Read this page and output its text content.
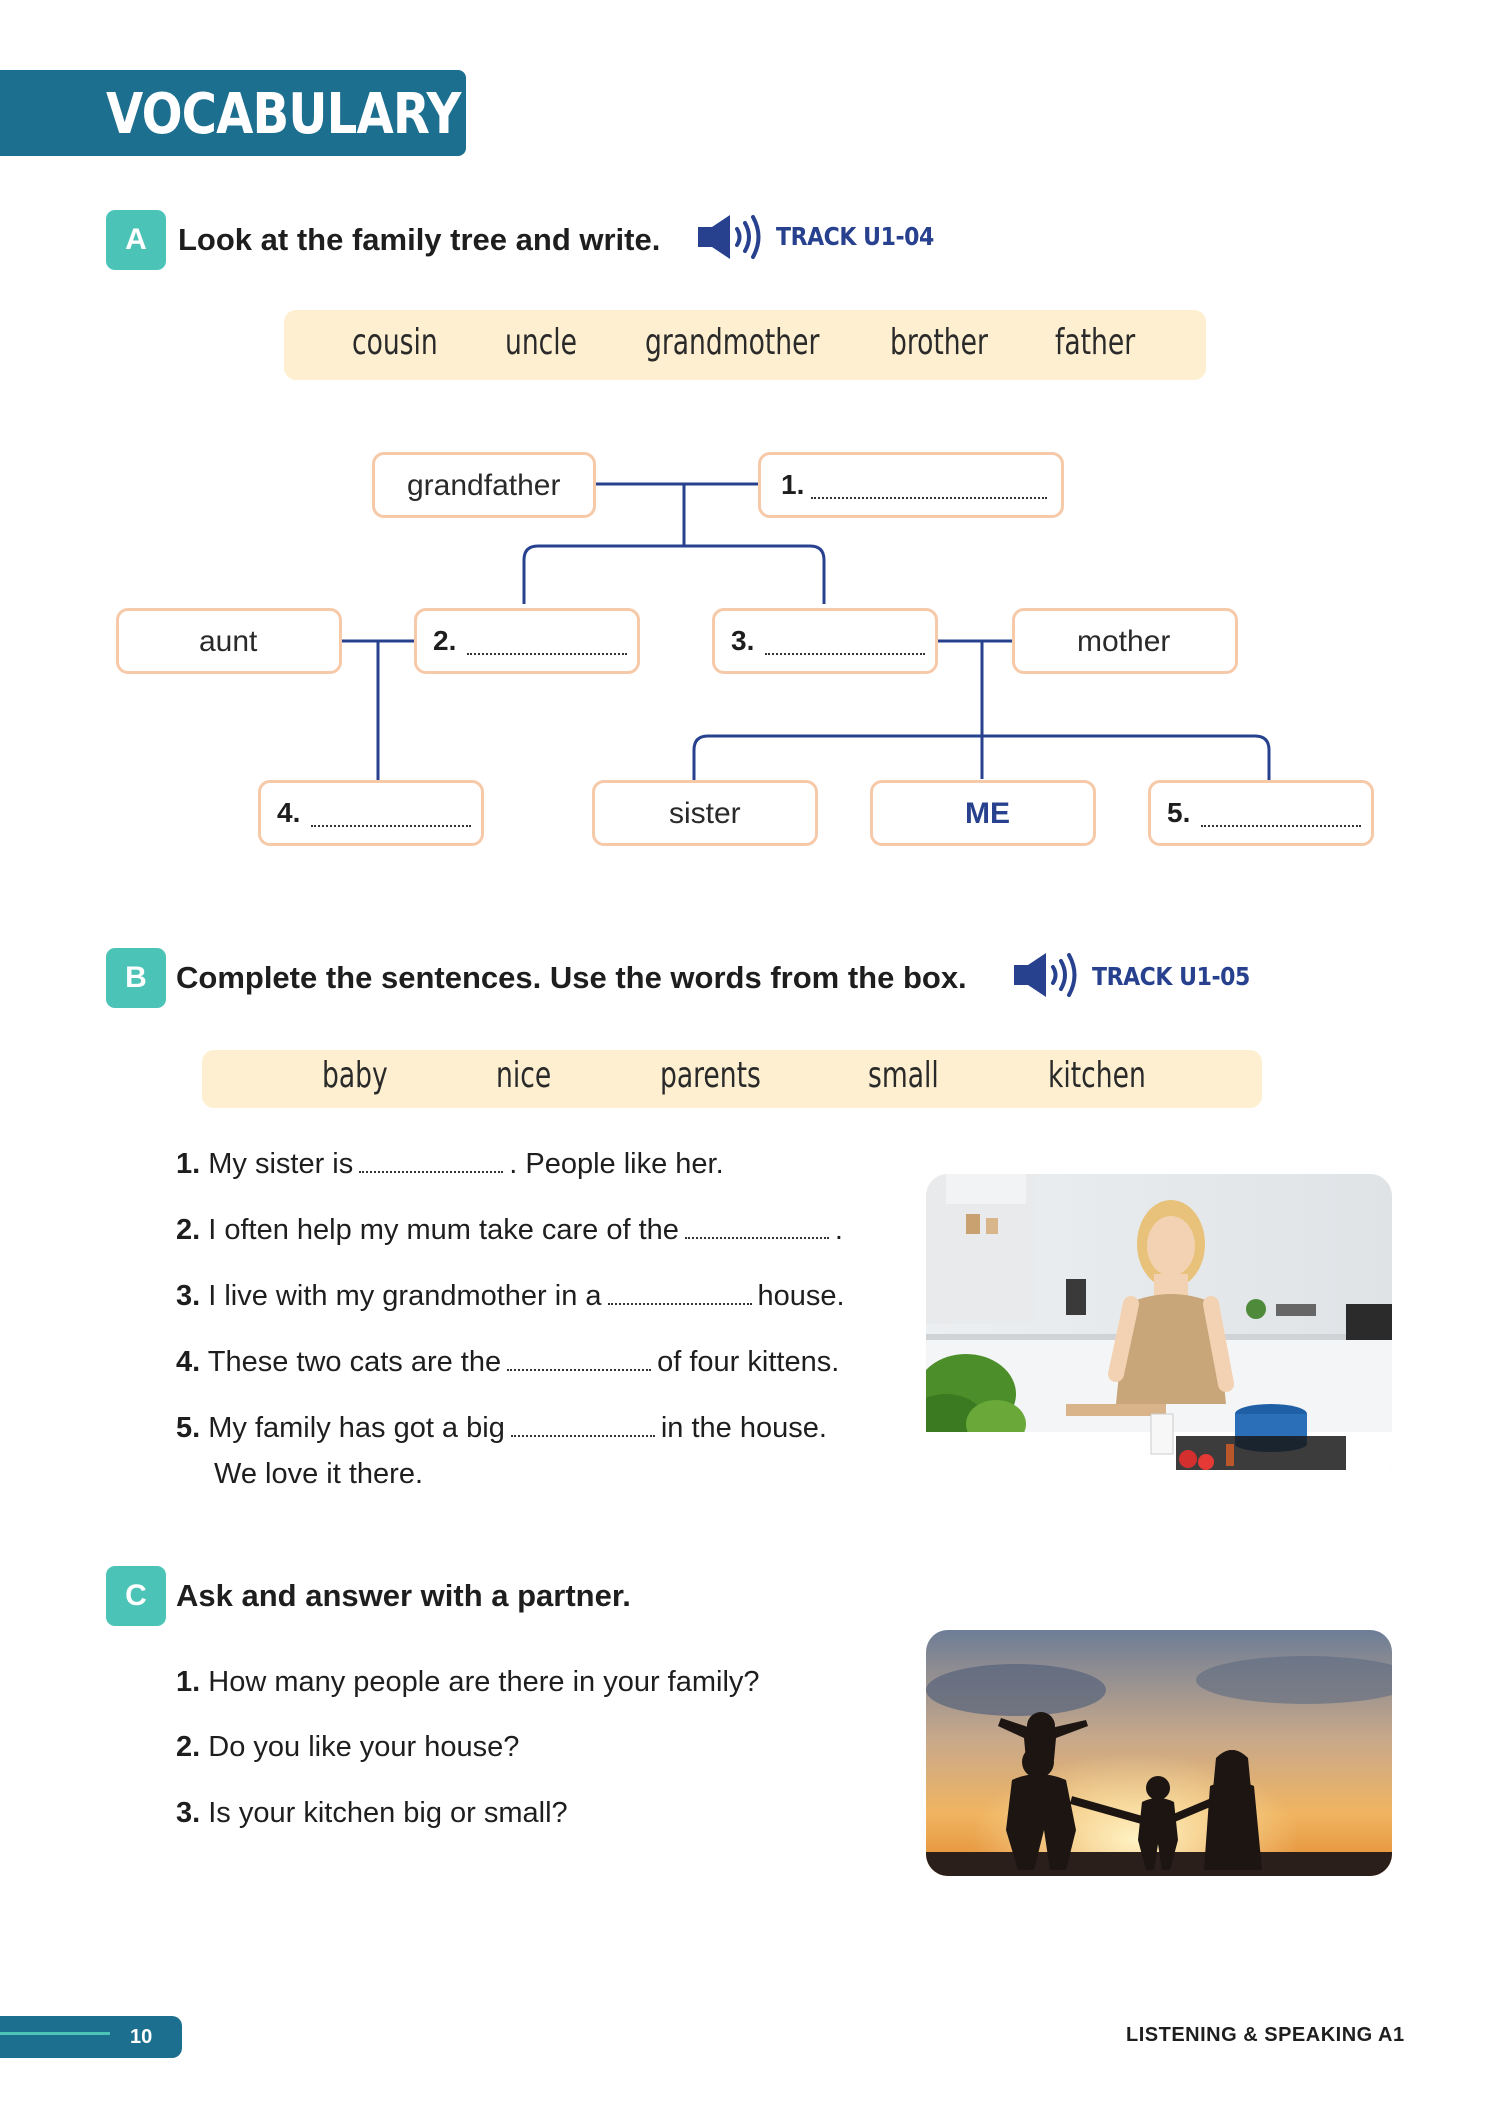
VOCABULARY
A	Look at the family tree and write.	TRACK U1-04
cousin uncle grandmother brother father
grandfather	1.
aunt	2.	3.	mother
4.	sister	ME	5.
B Complete the sentences. Use the words from the box.	TRACK U1-05
baby	nice	parents	small	kitchen
1. My sister is	. People like her.
2. I often help my mum take care of the	.
3. I live with my grandmother in a	house.
4. These two cats are the	of four kittens.
5. My family has got a big	in the house.
We love it there.
C Ask and answer with a partner.
1. How many people are there in your family?
2. Do you like your house?
3. Is your kitchen big or small?
10	LISTENING & SPEAKING A1
